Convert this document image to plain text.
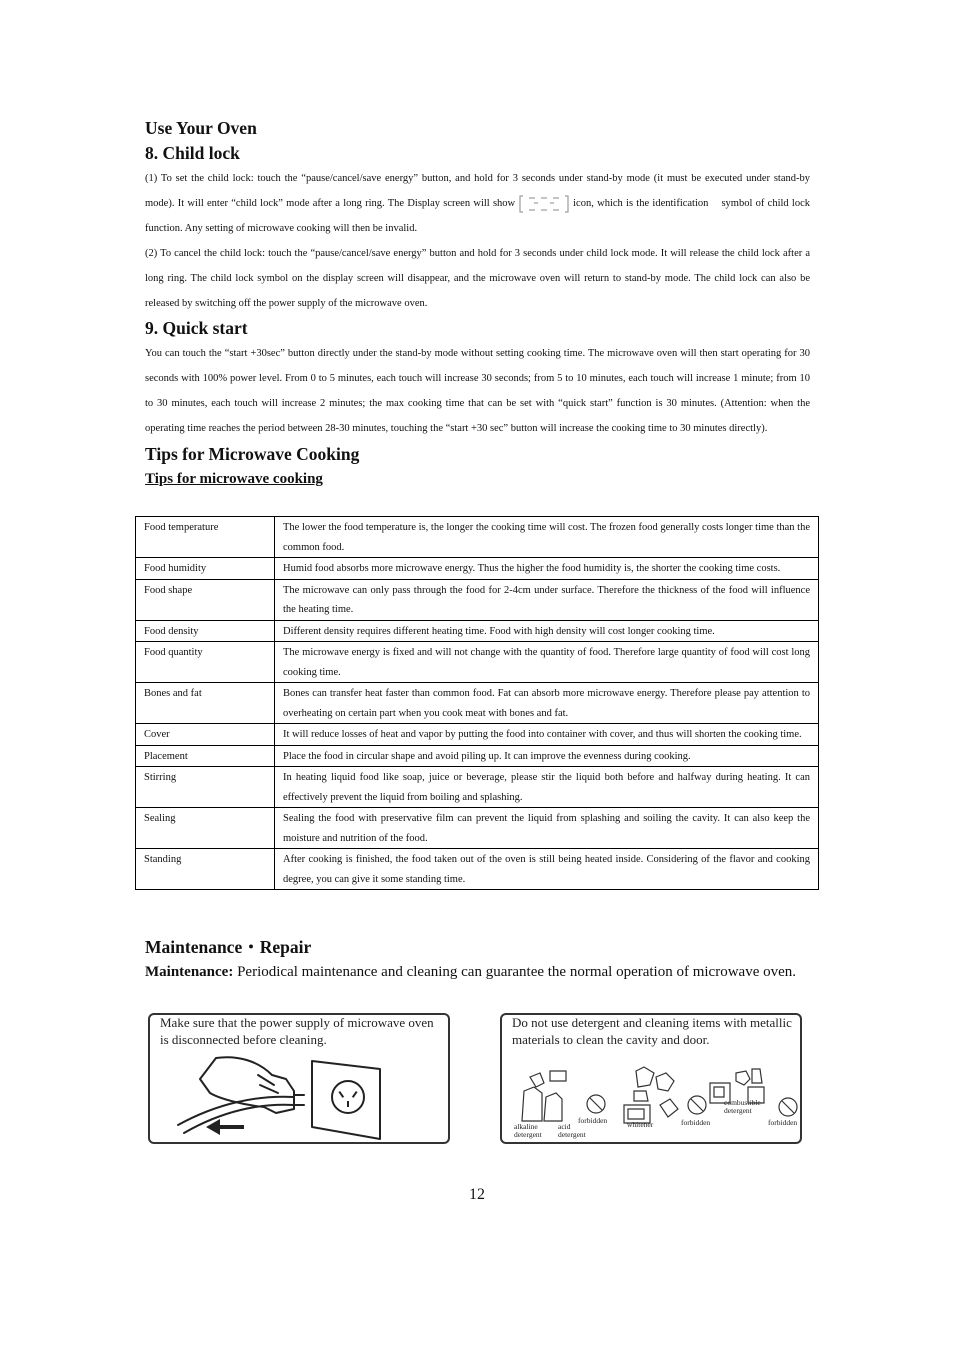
Use Your Oven
8. Child lock

(1) To set the child lock: touch the “pause/cancel/save energy” button, and hold for 3 seconds under stand-by mode (it must be executed under stand-by mode). It will enter “child lock” mode after a long ring. The Display screen will show	icon, which is the identification    symbol of child lock function. Any setting of microwave cooking will then be invalid.

(2) To cancel the child lock: touch the “pause/cancel/save energy” button and hold for 3 seconds under child lock mode. It will release the child lock after a long ring. The child lock symbol on the display screen will disappear, and the microwave oven will return to stand-by mode. The child lock can also be released by switching off the power supply of the microwave oven.

9. Quick start

You can touch the “start +30sec” button directly under the stand-by mode without setting cooking time. The microwave oven will then start operating for 30 seconds with 100% power level. From 0 to 5 minutes, each touch will increase 30 seconds; from 5 to 10 minutes, each touch will increase 1 minute; from 10 to 30 minutes, each touch will increase 2 minutes; the max cooking time that can be set with “quick start” function is 30 minutes. (Attention: when the operating time reaches the period between 28-30 minutes, touching the “start +30 sec” button will increase the cooking time to 30 minutes directly).

Tips for Microwave Cooking
Tips for microwave cooking
Food temperature	The lower the food temperature is, the longer the cooking time will cost. The frozen food generally costs longer time than the common food.
Food humidity	Humid food absorbs more microwave energy. Thus the higher the food humidity is, the shorter the cooking time costs.
Food shape	The microwave can only pass through the food for 2-4cm under surface. Therefore the thickness of the food will influence the heating time.
Food density	Different density requires different heating time. Food with high density will cost longer cooking time.
Food quantity	The microwave energy is fixed and will not change with the quantity of food. Therefore large quantity of food will cost long cooking time.
Bones and fat	Bones can transfer heat faster than common food. Fat can absorb more microwave energy. Therefore please pay attention to overheating on certain part when you cook meat with bones and fat.
Cover	It will reduce losses of heat and vapor by putting the food into container with cover, and thus will shorten the cooking time.
Placement	Place the food in circular shape and avoid piling up. It can improve the evenness during cooking.
Stirring	In heating liquid food like soap, juice or beverage, please stir the liquid both before and halfway during heating. It can effectively prevent the liquid from boiling and splashing.
Sealing	Sealing the food with preservative film can prevent the liquid from splashing and soiling the cavity. It can also keep the moisture and nutrition of the food.
Standing	After cooking is finished, the food taken out of the oven is still being heated inside. Considering of the flavor and cooking degree, you can give it some standing time.
Maintenance・Repair

Maintenance: Periodical maintenance and cleaning can guarantee the normal operation of microwave oven.

Make sure that the power supply of microwave oven is disconnected before cleaning.
Do not use detergent and cleaning items with metallic materials to clean the cavity and door.
alkaline detergent
acid detergent
forbidden	whitener	forbidden
combustible detergent
forbidden
12
